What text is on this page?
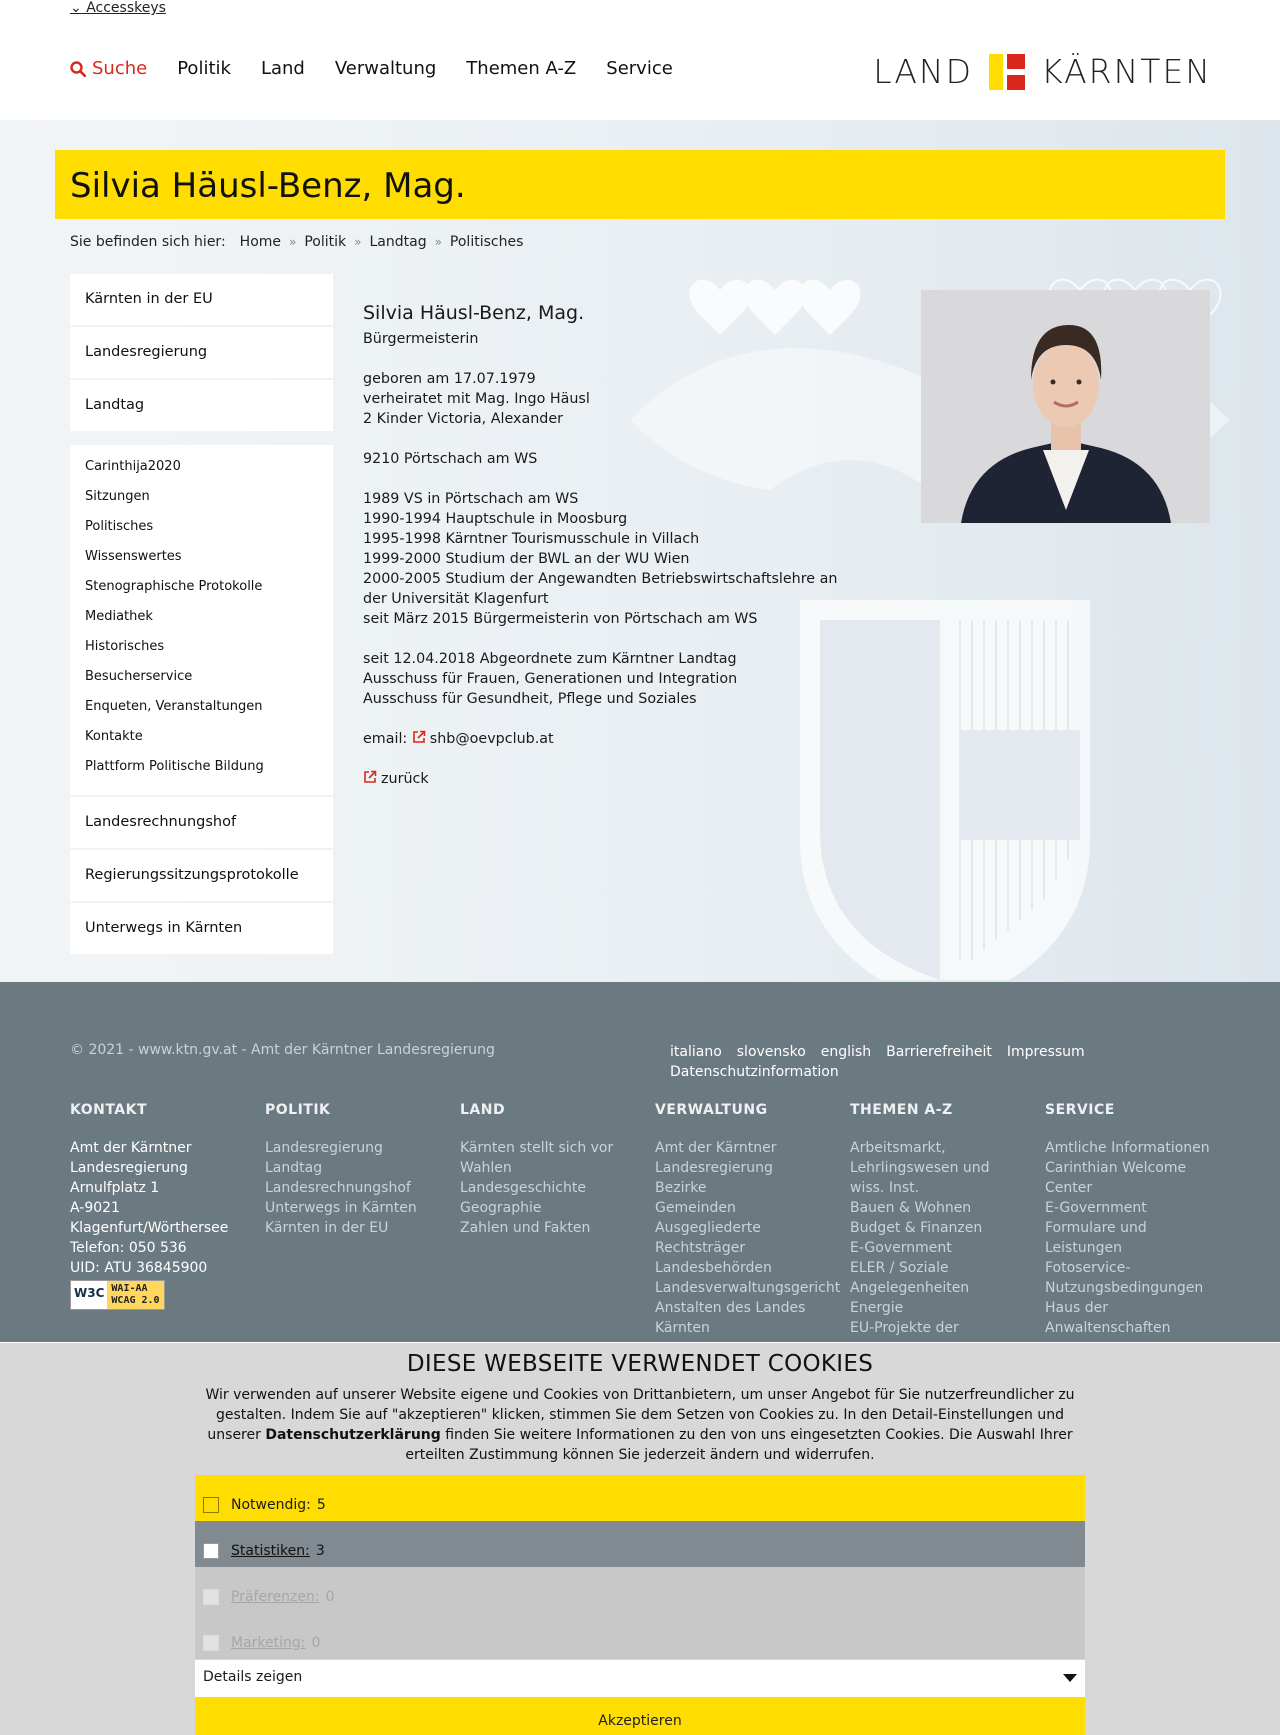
⌄ Accesskeys
Suche Politik Land Verwaltung Themen A-Z Service	LAND KÄRNTEN
Silvia Häusl-Benz, Mag.
Sie befinden sich hier: Home » Politik » Landtag » Politisches
Kärnten in der EU
Landesregierung
Landtag
Carinthija2020
Sitzungen
Politisches
Wissenswertes
Stenographische Protokolle
Mediathek
Historisches
Besucherservice
Enqueten, Veranstaltungen
Kontakte
Plattform Politische Bildung
Landesrechnungshof
Regierungssitzungsprotokolle
Unterwegs in Kärnten
Silvia Häusl-Benz, Mag.

Bürgermeisterin

geboren am 17.07.1979
verheiratet mit Mag. Ingo Häusl
2 Kinder Victoria, Alexander

9210 Pörtschach am WS

1989 VS in Pörtschach am WS
1990-1994 Hauptschule in Moosburg
1995-1998 Kärntner Tourismusschule in Villach
1999-2000 Studium der BWL an der WU Wien
2000-2005 Studium der Angewandten Betriebswirtschaftslehre an der Universität Klagenfurt
seit März 2015 Bürgermeisterin von Pörtschach am WS

seit 12.04.2018 Abgeordnete zum Kärntner Landtag
Ausschuss für Frauen, Generationen und Integration
Ausschuss für Gesundheit, Pflege und Soziales

email: shb@oevpclub.at

zurück

© 2021 - www.ktn.gv.at - Amt der Kärntner Landesregierung	italiano slovensko english Barrierefreiheit Impressum
Datenschutzinformation
KONTAKT
Amt der Kärntner
Landesregierung
Arnulfplatz 1
A-9021
Klagenfurt/Wörthersee
Telefon: 050 536
UID: ATU 36845900
W3C WAI-AA
WCAG 2.0
POLITIK
Landesregierung
Landtag
Landesrechnungshof
Unterwegs in Kärnten
Kärnten in der EU
LAND
Kärnten stellt sich vor
Wahlen
Landesgeschichte
Geographie
Zahlen und Fakten
VERWALTUNG
Amt der Kärntner
Landesregierung
Bezirke
Gemeinden
Ausgegliederte
Rechtsträger
Landesbehörden
Landesverwaltungsgericht
Anstalten des Landes
Kärnten
THEMEN A-Z
Arbeitsmarkt,
Lehrlingswesen und
wiss. Inst.
Bauen & Wohnen
Budget & Finanzen
E-Government
ELER / Soziale
Angelegenheiten
Energie
EU-Projekte der
SERVICE
Amtliche Informationen
Carinthian Welcome
Center
E-Government
Formulare und
Leistungen
Fotoservice-
Nutzungsbedingungen
Haus der
Anwaltenschaften
DIESE WEBSEITE VERWENDET COOKIES
Wir verwenden auf unserer Website eigene und Cookies von Drittanbietern, um unser Angebot für Sie nutzerfreundlicher zu gestalten. Indem Sie auf "akzeptieren" klicken, stimmen Sie dem Setzen von Cookies zu. In den Detail-Einstellungen und unserer Datenschutzerklärung finden Sie weitere Informationen zu den von uns eingesetzten Cookies. Die Auswahl Ihrer erteilten Zustimmung können Sie jederzeit ändern und widerrufen.
Notwendig: 5
Statistiken: 3
Präferenzen: 0
Marketing: 0
Details zeigen
Akzeptieren
